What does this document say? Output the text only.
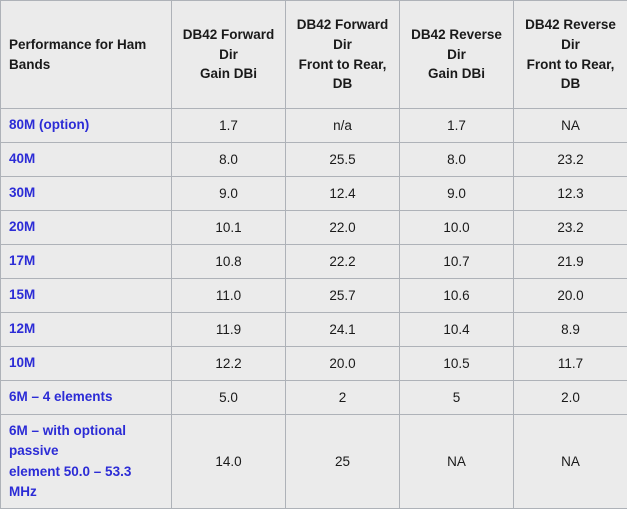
Performance for Ham
Bands	DB42 Forward
Dir
Gain DBi	DB42 Forward
Dir
Front to Rear,
DB	DB42 Reverse
Dir
Gain DBi	DB42 Reverse
Dir
Front to Rear,
DB
80M (option)	1.7	n/a	1.7	NA
40M	8.0	25.5	8.0	23.2
30M	9.0	12.4	9.0	12.3
20M	10.1	22.0	10.0	23.2
17M	10.8	22.2	10.7	21.9
15M	11.0	25.7	10.6	20.0
12M	11.9	24.1	10.4	8.9
10M	12.2	20.0	10.5	11.7
6M – 4 elements	5.0	2	5	2.0
6M – with optional
passive
element 50.0 – 53.3
MHz	14.0	25	NA	NA
